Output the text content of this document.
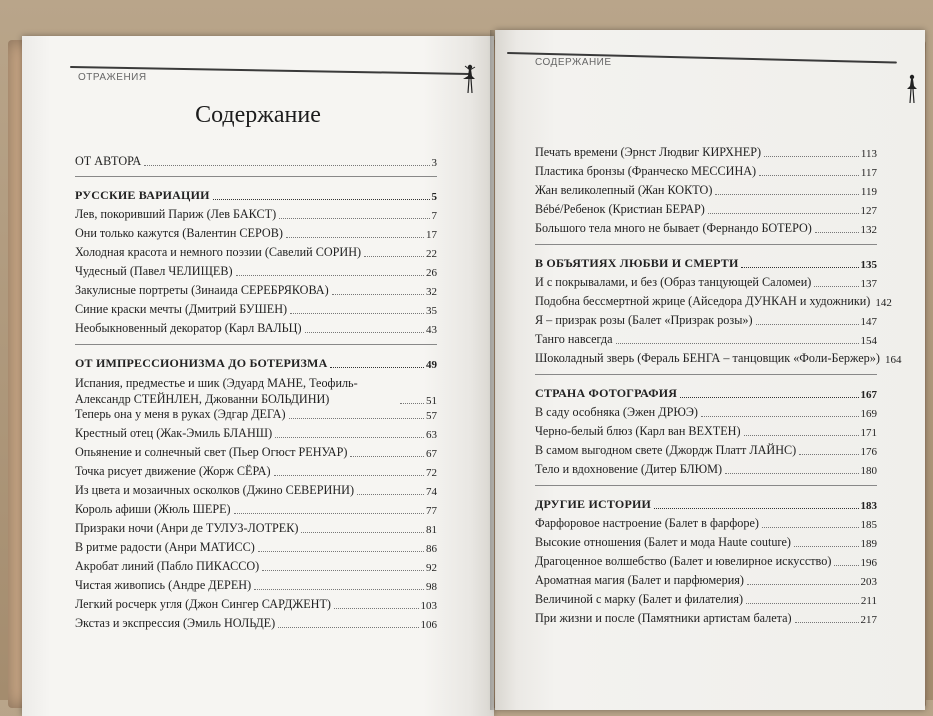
ОТРАЖЕНИЯ
Содержание
ОТ АВТОРА	3
РУССКИЕ ВАРИАЦИИ	5
Лев, покоривший Париж (Лев БАКСТ)	7
Они только кажутся (Валентин СЕРОВ)	17
Холодная красота и немного поэзии (Савелий СОРИН)	22
Чудесный (Павел ЧЕЛИЩЕВ)	26
Закулисные портреты (Зинаида СЕРЕБРЯКОВА)	32
Синие краски мечты (Дмитрий БУШЕН)	35
Необыкновенный декоратор (Карл ВАЛЬЦ)	43
ОТ ИМПРЕССИОНИЗМА ДО БОТЕРИЗМА	49
Испания, предместье и шик (Эдуард МАНЕ, Теофиль-Александр СТЕЙНЛЕН, Джованни БОЛЬДИНИ)	51
Теперь она у меня в руках (Эдгар ДЕГА)	57
Крестный отец (Жак-Эмиль БЛАНШ)	63
Опьянение и солнечный свет (Пьер Огюст РЕНУАР)	67
Точка рисует движение (Жорж СЁРА)	72
Из цвета и мозаичных осколков (Джино СЕВЕРИНИ)	74
Король афиши (Жюль ШЕРЕ)	77
Призраки ночи (Анри де ТУЛУЗ-ЛОТРЕК)	81
В ритме радости (Анри МАТИСС)	86
Акробат линий (Пабло ПИКАССО)	92
Чистая живопись (Андре ДЕРЕН)	98
Легкий росчерк угля (Джон Сингер САРДЖЕНТ)	103
Экстаз и экспрессия (Эмиль НОЛЬДЕ)	106
СОДЕРЖАНИЕ
Печать времени (Эрнст Людвиг КИРХНЕР)	113
Пластика бронзы (Франческо МЕССИНА)	117
Жан великолепный (Жан КОКТО)	119
Bébé/Ребенок (Кристиан БЕРАР)	127
Большого тела много не бывает (Фернандо БОТЕРО)	132
В ОБЪЯТИЯХ ЛЮБВИ И СМЕРТИ	135
И с покрывалами, и без (Образ танцующей Саломеи)	137
Подобна бессмертной жрице (Айседора ДУНКАН и художники) 142
Я – призрак розы (Балет «Призрак розы»)	147
Танго навсегда	154
Шоколадный зверь (Фераль БЕНГА – танцовщик «Фоли-Бержер») 164
СТРАНА ФОТОГРАФИЯ	167
В саду особняка (Эжен ДРЮЭ)	169
Черно-белый блюз (Карл ван ВЕХТЕН)	171
В самом выгодном свете (Джордж Платт ЛАЙНС)	176
Тело и вдохновение (Дитер БЛЮМ)	180
ДРУГИЕ ИСТОРИИ	183
Фарфоровое настроение (Балет в фарфоре)	185
Высокие отношения (Балет и мода Haute couture)	189
Драгоценное волшебство (Балет и ювелирное искусство)	196
Ароматная магия (Балет и парфюмерия)	203
Величиной с марку (Балет и филателия)	211
При жизни и после (Памятники артистам балета)	217
